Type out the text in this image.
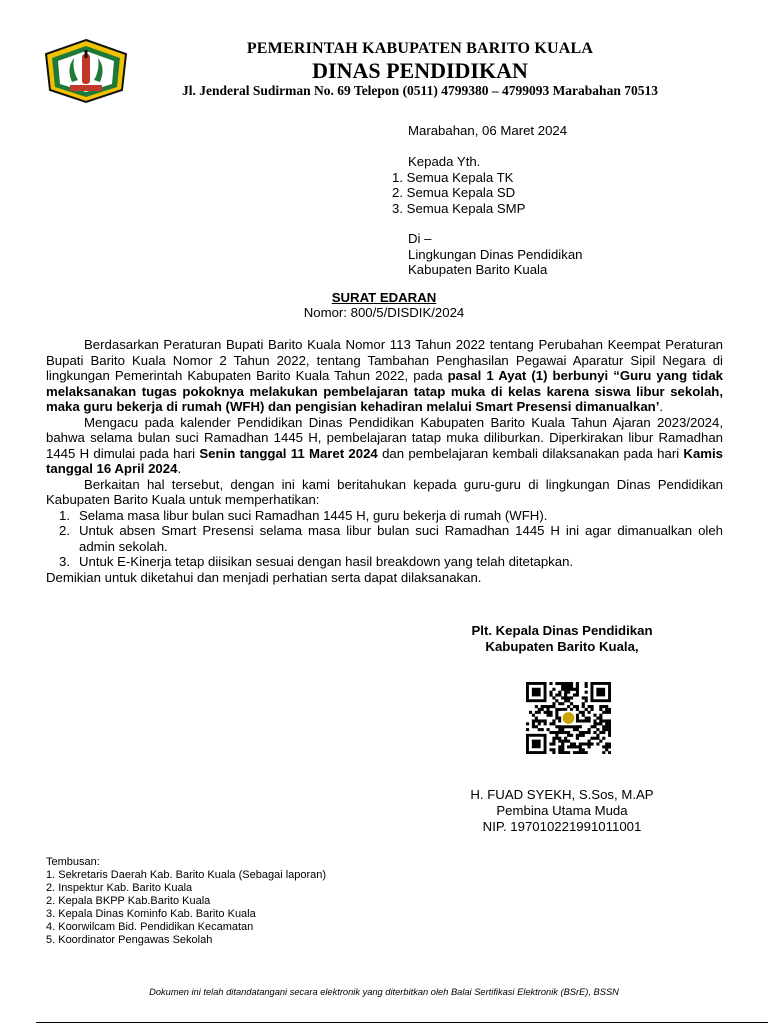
PEMERINTAH KABUPATEN BARITO KUALA
DINAS PENDIDIKAN
Jl. Jenderal Sudirman No. 69 Telepon (0511) 4799380 – 4799093 Marabahan 70513
Marabahan, 06 Maret 2024
Kepada Yth.
1. Semua Kepala TK
2. Semua Kepala SD
3. Semua Kepala SMP
Di –
Lingkungan Dinas Pendidikan
Kabupaten Barito Kuala
SURAT EDARAN
Nomor: 800/5/DISDIK/2024

Berdasarkan Peraturan Bupati Barito Kuala Nomor 113 Tahun 2022 tentang Perubahan Keempat Peraturan Bupati Barito Kuala Nomor 2 Tahun 2022, tentang Tambahan Penghasilan Pegawai Aparatur Sipil Negara di lingkungan Pemerintah Kabupaten Barito Kuala Tahun 2022, pada pasal 1 Ayat (1) berbunyi “Guru yang tidak melaksanakan tugas pokoknya melakukan pembelajaran tatap muka di kelas karena siswa libur sekolah, maka guru bekerja di rumah (WFH) dan pengisian kehadiran melalui Smart Presensi dimanualkan’.

Mengacu pada kalender Pendidikan Dinas Pendidikan Kabupaten Barito Kuala Tahun Ajaran 2023/2024, bahwa selama bulan suci Ramadhan 1445 H, pembelajaran tatap muka diliburkan. Diperkirakan libur Ramadhan 1445 H dimulai pada hari Senin tanggal 11 Maret 2024 dan pembelajaran kembali dilaksanakan pada hari Kamis tanggal 16 April 2024.

Berkaitan hal tersebut, dengan ini kami beritahukan kepada guru-guru di lingkungan Dinas Pendidikan Kabupaten Barito Kuala untuk memperhatikan:

1. Selama masa libur bulan suci Ramadhan 1445 H, guru bekerja di rumah (WFH).
2. Untuk absen Smart Presensi selama masa libur bulan suci Ramadhan 1445 H ini agar dimanualkan oleh admin sekolah.
3. Untuk E-Kinerja tetap diisikan sesuai dengan hasil breakdown yang telah ditetapkan.

Demikian untuk diketahui dan menjadi perhatian serta dapat dilaksanakan.

Plt. Kepala Dinas Pendidikan
Kabupaten Barito Kuala,
H. FUAD SYEKH, S.Sos, M.AP
Pembina Utama Muda
NIP. 197010221991011001
Tembusan:
1. Sekretaris Daerah Kab. Barito Kuala (Sebagai laporan)
2. Inspektur Kab. Barito Kuala
2. Kepala BKPP Kab.Barito Kuala
3. Kepala Dinas Kominfo Kab. Barito Kuala
4. Koorwilcam Bid. Pendidikan Kecamatan
5. Koordinator Pengawas Sekolah
Dokumen ini telah ditandatangani secara elektronik yang diterbitkan oleh Balai Sertifikasi Elektronik (BSrE), BSSN
